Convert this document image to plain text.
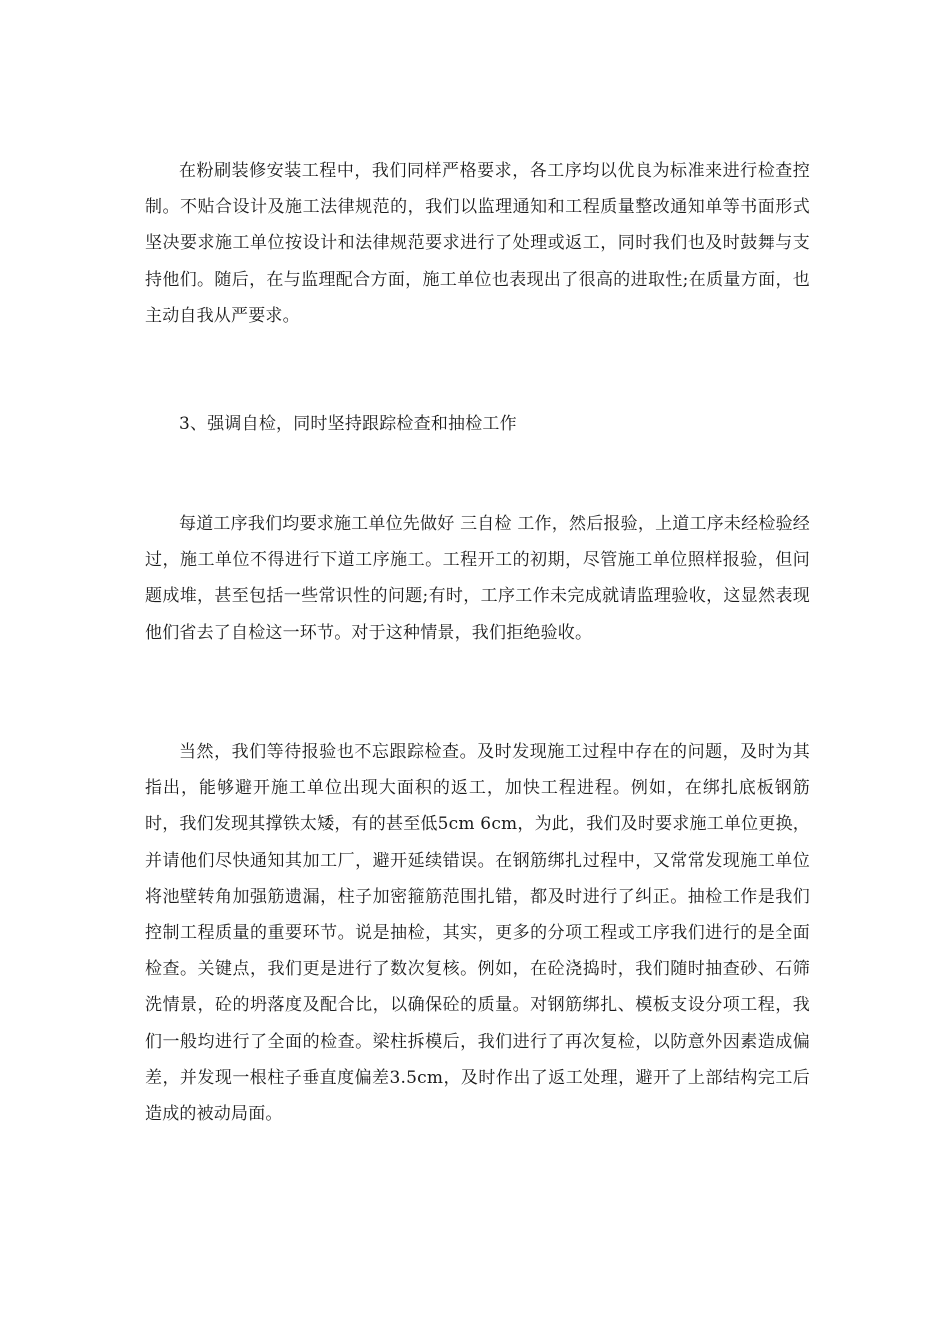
在粉刷装修安装工程中，我们同样严格要求，各工序均以优良为标准来进行检查控制。不贴合设计及施工法律规范的，我们以监理通知和工程质量整改通知单等书面形式坚决要求施工单位按设计和法律规范要求进行了处理或返工，同时我们也及时鼓舞与支持他们。随后，在与监理配合方面，施工单位也表现出了很高的进取性;在质量方面，也主动自我从严要求。

3、强调自检，同时坚持跟踪检查和抽检工作

每道工序我们均要求施工单位先做好 三自检 工作，然后报验，上道工序未经检验经过，施工单位不得进行下道工序施工。工程开工的初期，尽管施工单位照样报验，但问题成堆，甚至包括一些常识性的问题;有时，工序工作未完成就请监理验收，这显然表现他们省去了自检这一环节。对于这种情景，我们拒绝验收。

当然，我们等待报验也不忘跟踪检查。及时发现施工过程中存在的问题，及时为其指出，能够避开施工单位出现大面积的返工，加快工程进程。例如，在绑扎底板钢筋时，我们发现其撑铁太矮，有的甚至低5cm 6cm，为此，我们及时要求施工单位更换，并请他们尽快通知其加工厂，避开延续错误。在钢筋绑扎过程中，又常常发现施工单位将池壁转角加强筋遗漏，柱子加密箍筋范围扎错，都及时进行了纠正。抽检工作是我们控制工程质量的重要环节。说是抽检，其实，更多的分项工程或工序我们进行的是全面检查。关键点，我们更是进行了数次复核。例如，在砼浇捣时，我们随时抽查砂、石筛洗情景，砼的坍落度及配合比，以确保砼的质量。对钢筋绑扎、模板支设分项工程，我们一般均进行了全面的检查。梁柱拆模后，我们进行了再次复检，以防意外因素造成偏差，并发现一根柱子垂直度偏差3.5cm，及时作出了返工处理，避开了上部结构完工后造成的被动局面。
